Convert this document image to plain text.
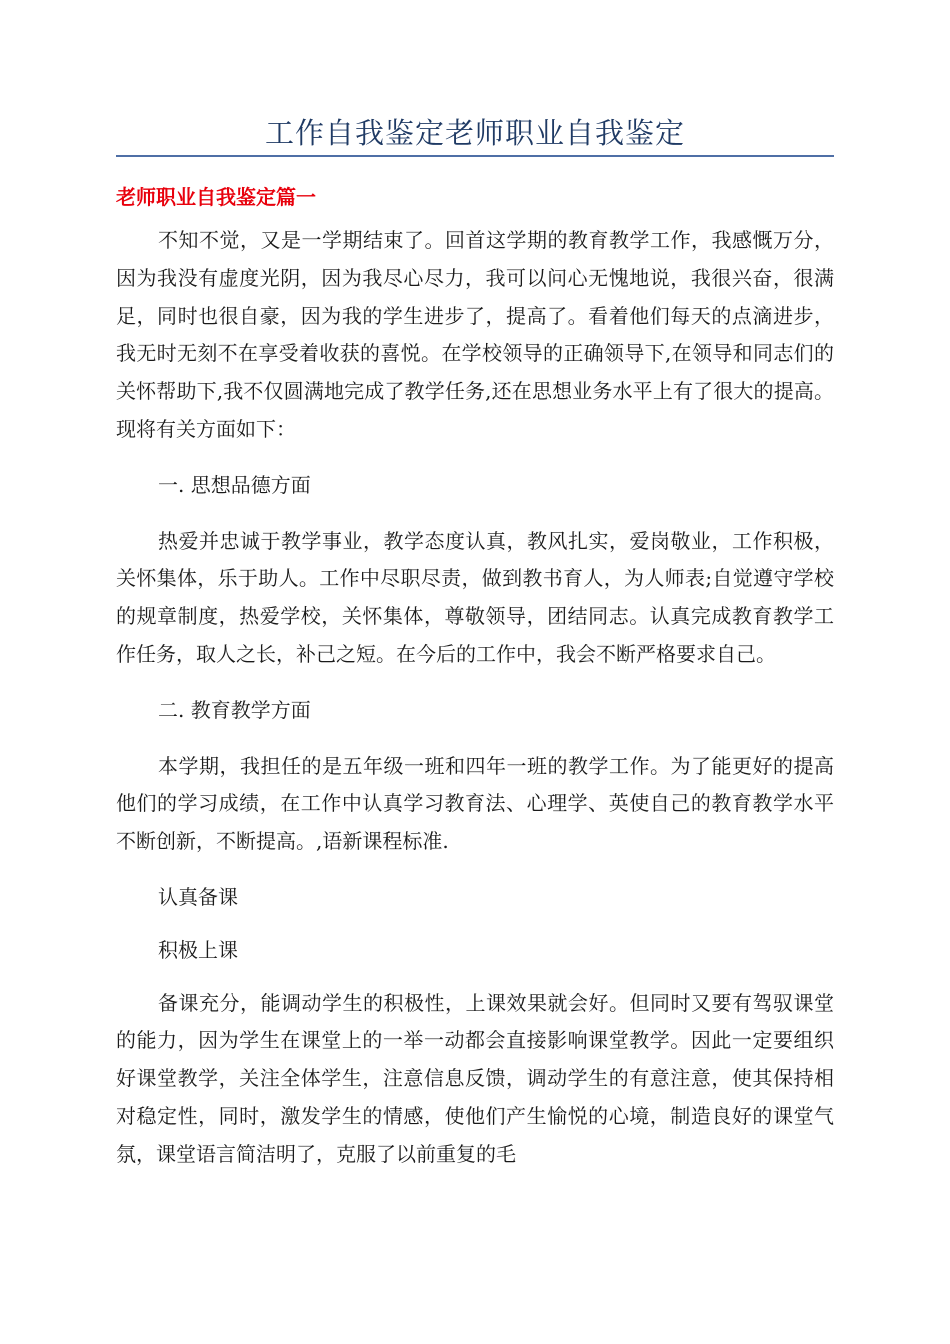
工作自我鉴定老师职业自我鉴定
老师职业自我鉴定篇一

不知不觉，又是一学期结束了。回首这学期的教育教学工作，我感慨万分，因为我没有虚度光阴，因为我尽心尽力，我可以问心无愧地说，我很兴奋，很满足，同时也很自豪，因为我的学生进步了，提高了。看着他们每天的点滴进步，我无时无刻不在享受着收获的喜悦。在学校领导的正确领导下,在领导和同志们的关怀帮助下,我不仅圆满地完成了教学任务,还在思想业务水平上有了很大的提高。现将有关方面如下：

一. 思想品德方面

热爱并忠诚于教学事业，教学态度认真，教风扎实，爱岗敬业，工作积极，关怀集体，乐于助人。工作中尽职尽责，做到教书育人，为人师表;自觉遵守学校的规章制度，热爱学校，关怀集体，尊敬领导，团结同志。认真完成教育教学工作任务，取人之长，补己之短。在今后的工作中，我会不断严格要求自己。

二. 教育教学方面

本学期，我担任的是五年级一班和四年一班的教学工作。为了能更好的提高他们的学习成绩，在工作中认真学习教育法、心理学、英使自己的教育教学水平不断创新，不断提高。,语新课程标准.

认真备课

积极上课

备课充分，能调动学生的积极性，上课效果就会好。但同时又要有驾驭课堂的能力，因为学生在课堂上的一举一动都会直接影响课堂教学。因此一定要组织好课堂教学，关注全体学生，注意信息反馈，调动学生的有意注意，使其保持相对稳定性，同时，激发学生的情感，使他们产生愉悦的心境，制造良好的课堂气氛，课堂语言简洁明了，克服了以前重复的毛
